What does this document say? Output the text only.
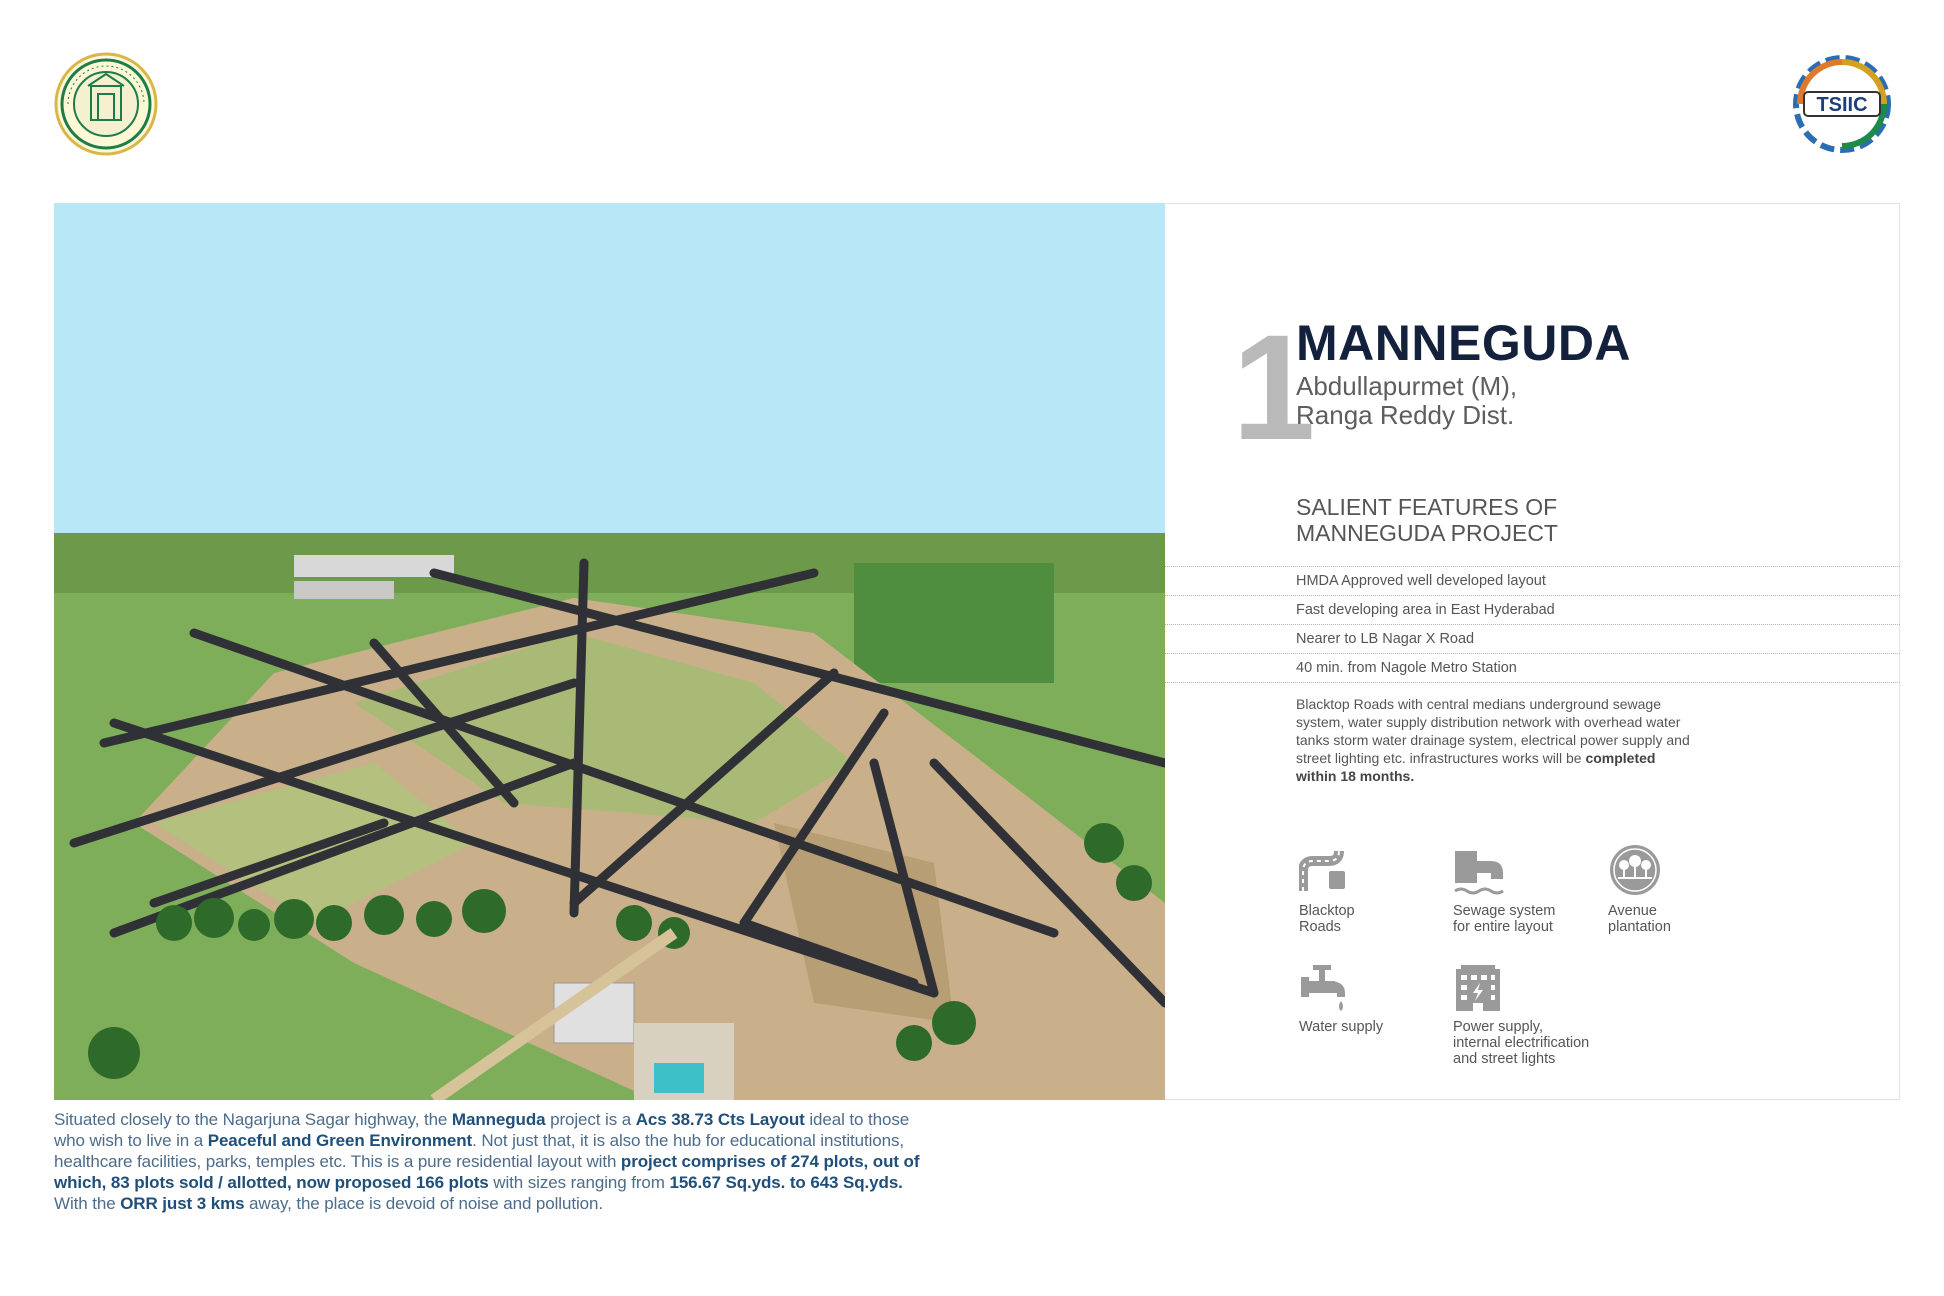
TSIIC
1
MANNEGUDA
Abdullapurmet (M),
Ranga Reddy Dist.
SALIENT FEATURES OF
MANNEGUDA PROJECT
HMDA Approved well developed layout
Fast developing area in East Hyderabad
Nearer to LB Nagar X Road
40 min. from Nagole Metro Station
Blacktop Roads with central medians underground sewage system, water supply distribution network with overhead water tanks storm water drainage system, electrical power supply and street lighting etc. infrastructures works will be completed within 18 months.
Blacktop
Roads
Sewage system
for entire layout
Avenue
plantation
Water supply	Power supply,
internal electrification
and street lights
Situated closely to the Nagarjuna Sagar highway, the Manneguda project is a Acs 38.73 Cts Layout ideal to those who wish to live in a Peaceful and Green Environment. Not just that, it is also the hub for educational institutions, healthcare facilities, parks, temples etc. This is a pure residential layout with project comprises of 274 plots, out of which, 83 plots sold / allotted, now proposed 166 plots with sizes ranging from 156.67 Sq.yds. to 643 Sq.yds. With the ORR just 3 kms away, the place is devoid of noise and pollution.
